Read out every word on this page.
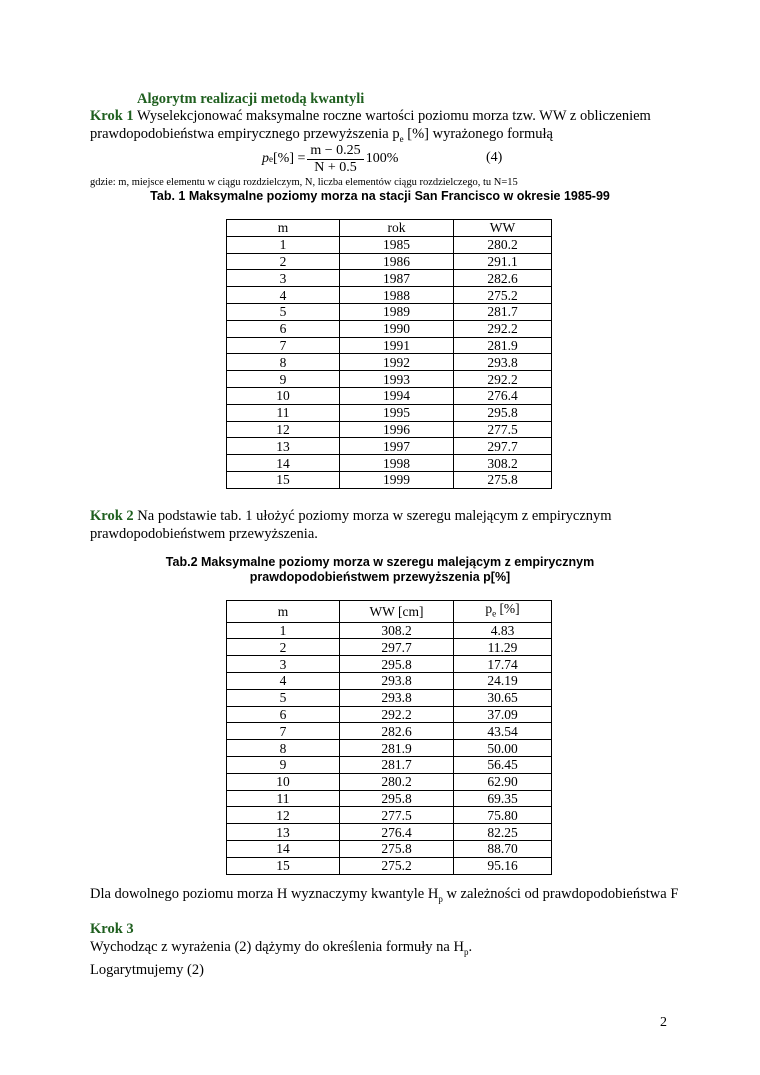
Algorytm realizacji metodą kwantyli
Krok 1 Wyselekcjonować maksymalne roczne wartości poziomu morza tzw. WW z obliczeniem
prawdopodobieństwa empirycznego przewyższenia $p_e$ [%] wyrażonego formułą
p e [%] = $\frac{m - 0.25}{N + 0.5} 100\%$	(4)
gdzie: m, miejsce elementu w ciągu rozdzielczym, N, liczba elementów ciągu rozdzielczego, tu N=15
Tab. 1 Maksymalne poziomy morza na stacji San Francisco w okresie 1985-99
m	rok	WW
1	1985	280.2
2	1986	291.1
3	1987	282.6
4	1988	275.2
5	1989	281.7
6	1990	292.2
7	1991	281.9
8	1992	293.8
9	1993	292.2
10	1994	276.4
11	1995	295.8
12	1996	277.5
13	1997	297.7
14	1998	308.2
15	1999	275.8
Krok 2 Na podstawie tab. 1 ułożyć poziomy morza w szeregu malejącym z empirycznym
prawdopodobieństwem przewyższenia.
Tab.2 Maksymalne poziomy morza w szeregu malejącym z empirycznym
prawdopodobieństwem przewyższenia p[%]
m	WW [cm]	$p_e$ [%]
1	308.2	4.83
2	297.7	11.29
3	295.8	17.74
4	293.8	24.19
5	293.8	30.65
6	292.2	37.09
7	282.6	43.54
8	281.9	50.00
9	281.7	56.45
10	280.2	62.90
11	295.8	69.35
12	277.5	75.80
13	276.4	82.25
14	275.8	88.70
15	275.2	95.16
Dla dowolnego poziomu morza H wyznaczymy kwantyle $H_p$ w zależności od prawdopodobieństwa F
Krok 3
Wychodząc z wyrażenia (2) dążymy do określenia formuły na $H_p$.
Logarytmujemy (2)
2
